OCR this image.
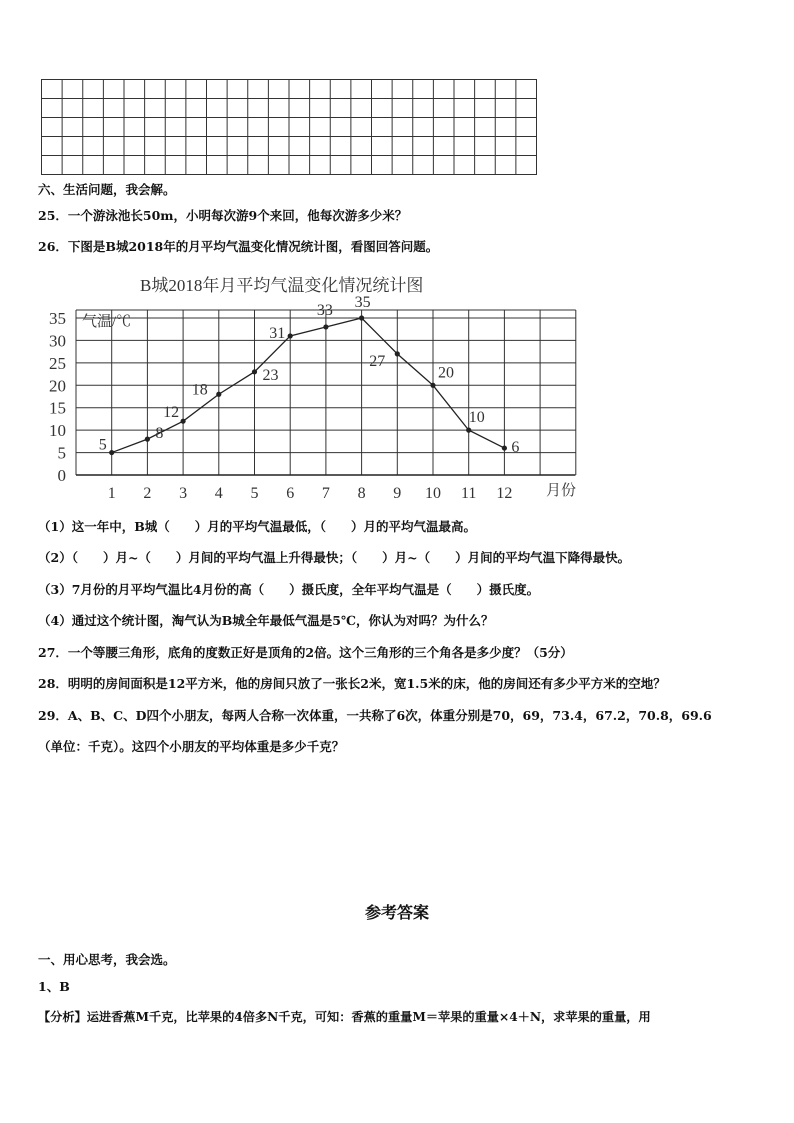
六、生活问题，我会解。
25．一个游泳池长50m，小明每次游9个来回，他每次游多少米？
26．下图是B城2018年的月平均气温变化情况统计图，看图回答问题。
B城2018年月平均气温变化情况统计图
0
5
10
15
20
25
30
35
1 2 3 4 5 6 7 8 9 10 11 12
气温/℃
月份
5
8
12
18
23
31
33 35
27
20
10
6
（1）这一年中，B城（　　）月的平均气温最低，（　　）月的平均气温最高。
（2）（　　）月~（　　）月间的平均气温上升得最快；（　　）月~（　　）月间的平均气温下降得最快。
（3）7月份的月平均气温比4月份的高（　　）摄氏度，全年平均气温是（　　）摄氏度。
（4）通过这个统计图，淘气认为B城全年最低气温是5℃，你认为对吗？为什么？
27．一个等腰三角形，底角的度数正好是顶角的2倍。这个三角形的三个角各是多少度？（5分）
28．明明的房间面积是12平方米，他的房间只放了一张长2米，宽1.5米的床，他的房间还有多少平方米的空地？
29．A、B、C、D四个小朋友，每两人合称一次体重，一共称了6次，体重分别是70，69，73.4，67.2，70.8，69.6
（单位：千克）。这四个小朋友的平均体重是多少千克？
参考答案
一、用心思考，我会选。
1、B
【分析】运进香蕉M千克，比苹果的4倍多N千克，可知：香蕉的重量M＝苹果的重量×4＋N，求苹果的重量，用
